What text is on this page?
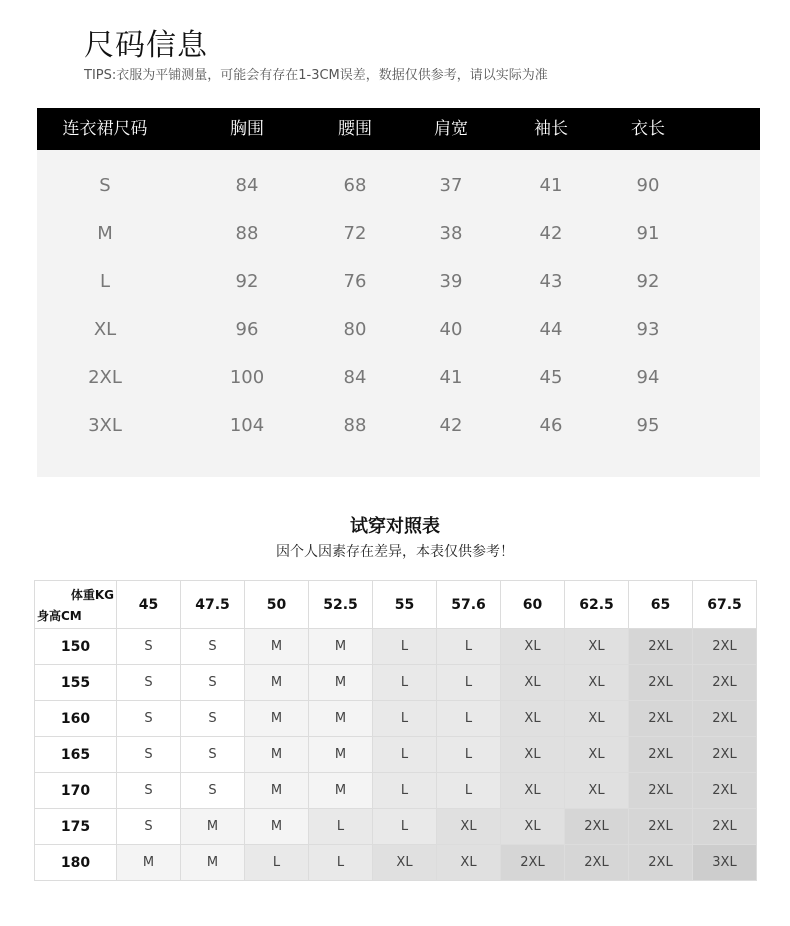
尺码信息
TIPS:衣服为平铺测量，可能会有存在1-3CM误差，数据仅供参考，请以实际为准
连衣裙尺码	胸围	腰围	肩宽	袖长	衣长
S	84	68	37	41	90
M	88	72	38	42	91
L	92	76	39	43	92
XL	96	80	40	44	93
2XL	100	84	41	45	94
3XL	104	88	42	46	95
试穿对照表
因个人因素存在差异，本表仅供参考！
体重KG
身高CM	45	47.5	50	52.5	55	57.6	60	62.5	65	67.5
150	S	S	M	M	L	L	XL	XL	2XL	2XL
155	S	S	M	M	L	L	XL	XL	2XL	2XL
160	S	S	M	M	L	L	XL	XL	2XL	2XL
165	S	S	M	M	L	L	XL	XL	2XL	2XL
170	S	S	M	M	L	L	XL	XL	2XL	2XL
175	S	M	M	L	L	XL	XL	2XL	2XL	2XL
180	M	M	L	L	XL	XL	2XL	2XL	2XL	3XL
